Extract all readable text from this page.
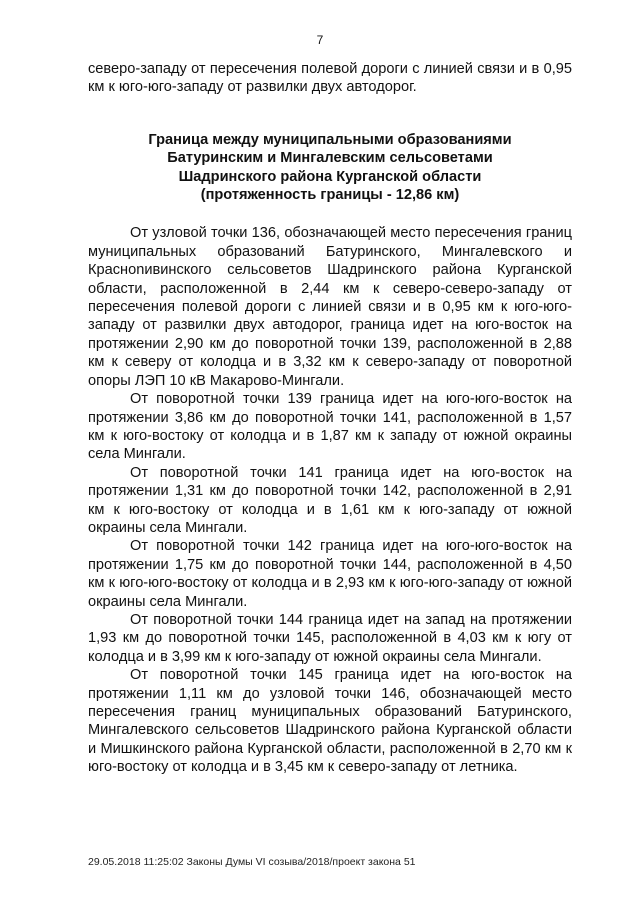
7

северо-западу от пересечения полевой дороги с линией связи и в 0,95 км к юго-юго-западу от развилки двух автодорог.

Граница между муниципальными образованиями
Батуринским и Мингалевским сельсоветами
Шадринского района Курганской области
(протяженность границы - 12,86 км)

От узловой точки 136, обозначающей место пересечения границ муниципальных образований Батуринского, Мингалевского и Красноnивинского сельсоветов Шадринского района Курганской области, расположенной в 2,44 км к северо-северо-западу от пересечения полевой дороги с линией связи и в 0,95 км к юго-юго-западу от развилки двух автодорог, граница идет на юго-восток на протяжении 2,90 км до поворотной точки 139, расположенной в 2,88 км к северу от колодца и в 3,32 км к северо-западу от поворотной опоры ЛЭП 10 кВ Макарово-Мингали.

От поворотной точки 139 граница идет на юго-юго-восток на протяжении 3,86 км до поворотной точки 141, расположенной в 1,57 км к юго-востоку от колодца и в 1,87 км к западу от южной окраины села Мингали.

От поворотной точки 141 граница идет на юго-восток на протяжении 1,31 км до поворотной точки 142, расположенной в 2,91 км к юго-востоку от колодца и в 1,61 км к юго-западу от южной окраины села Мингали.

От поворотной точки 142 граница идет на юго-юго-восток на протяжении 1,75 км до поворотной точки 144, расположенной в 4,50 км к юго-юго-востоку от колодца и в 2,93 км к юго-юго-западу от южной окраины села Мингали.

От поворотной точки 144 граница идет на запад на протяжении 1,93 км до поворотной точки 145, расположенной в 4,03 км к югу от колодца и в 3,99 км к юго-западу от южной окраины села Мингали.

От поворотной точки 145 граница идет на юго-восток на протяжении 1,11 км до узловой точки 146, обозначающей место пересечения границ муниципальных образований Батуринского, Мингалевского сельсоветов Шадринского района Курганской области и Мишкинского района Курганской области, расположенной в 2,70 км к юго-востоку от колодца и в 3,45 км к северо-западу от летника.

29.05.2018 11:25:02 Законы Думы VI созыва/2018/проект закона 51
